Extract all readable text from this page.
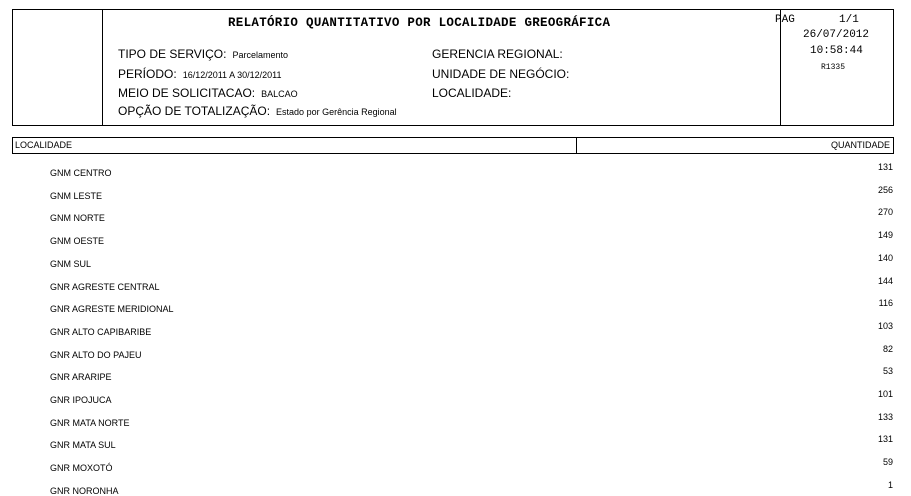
RELATÓRIO QUANTITATIVO POR LOCALIDADE GREOGRÁFICA
TIPO DE SERVIÇO: Parcelamento
PERÍODO: 16/12/2011 A 30/12/2011
MEIO DE SOLICITACAO: BALCAO
OPÇÃO DE TOTALIZAÇÃO: Estado por Gerência Regional
GERENCIA REGIONAL:
UNIDADE DE NEGÓCIO:
LOCALIDADE:
PAG	1/1
26/07/2012
10:58:44
R1335
LOCALIDADE	QUANTIDADE
GNM CENTRO
131
GNM LESTE
256
GNM NORTE
270
GNM OESTE
149
GNM SUL
140
GNR AGRESTE CENTRAL
144
GNR AGRESTE MERIDIONAL
116
GNR ALTO CAPIBARIBE
103
GNR ALTO DO PAJEU
82
GNR ARARIPE
53
GNR IPOJUCA
101
GNR MATA NORTE
133
GNR MATA SUL
131
GNR MOXOTÓ
59
GNR NORONHA
1
